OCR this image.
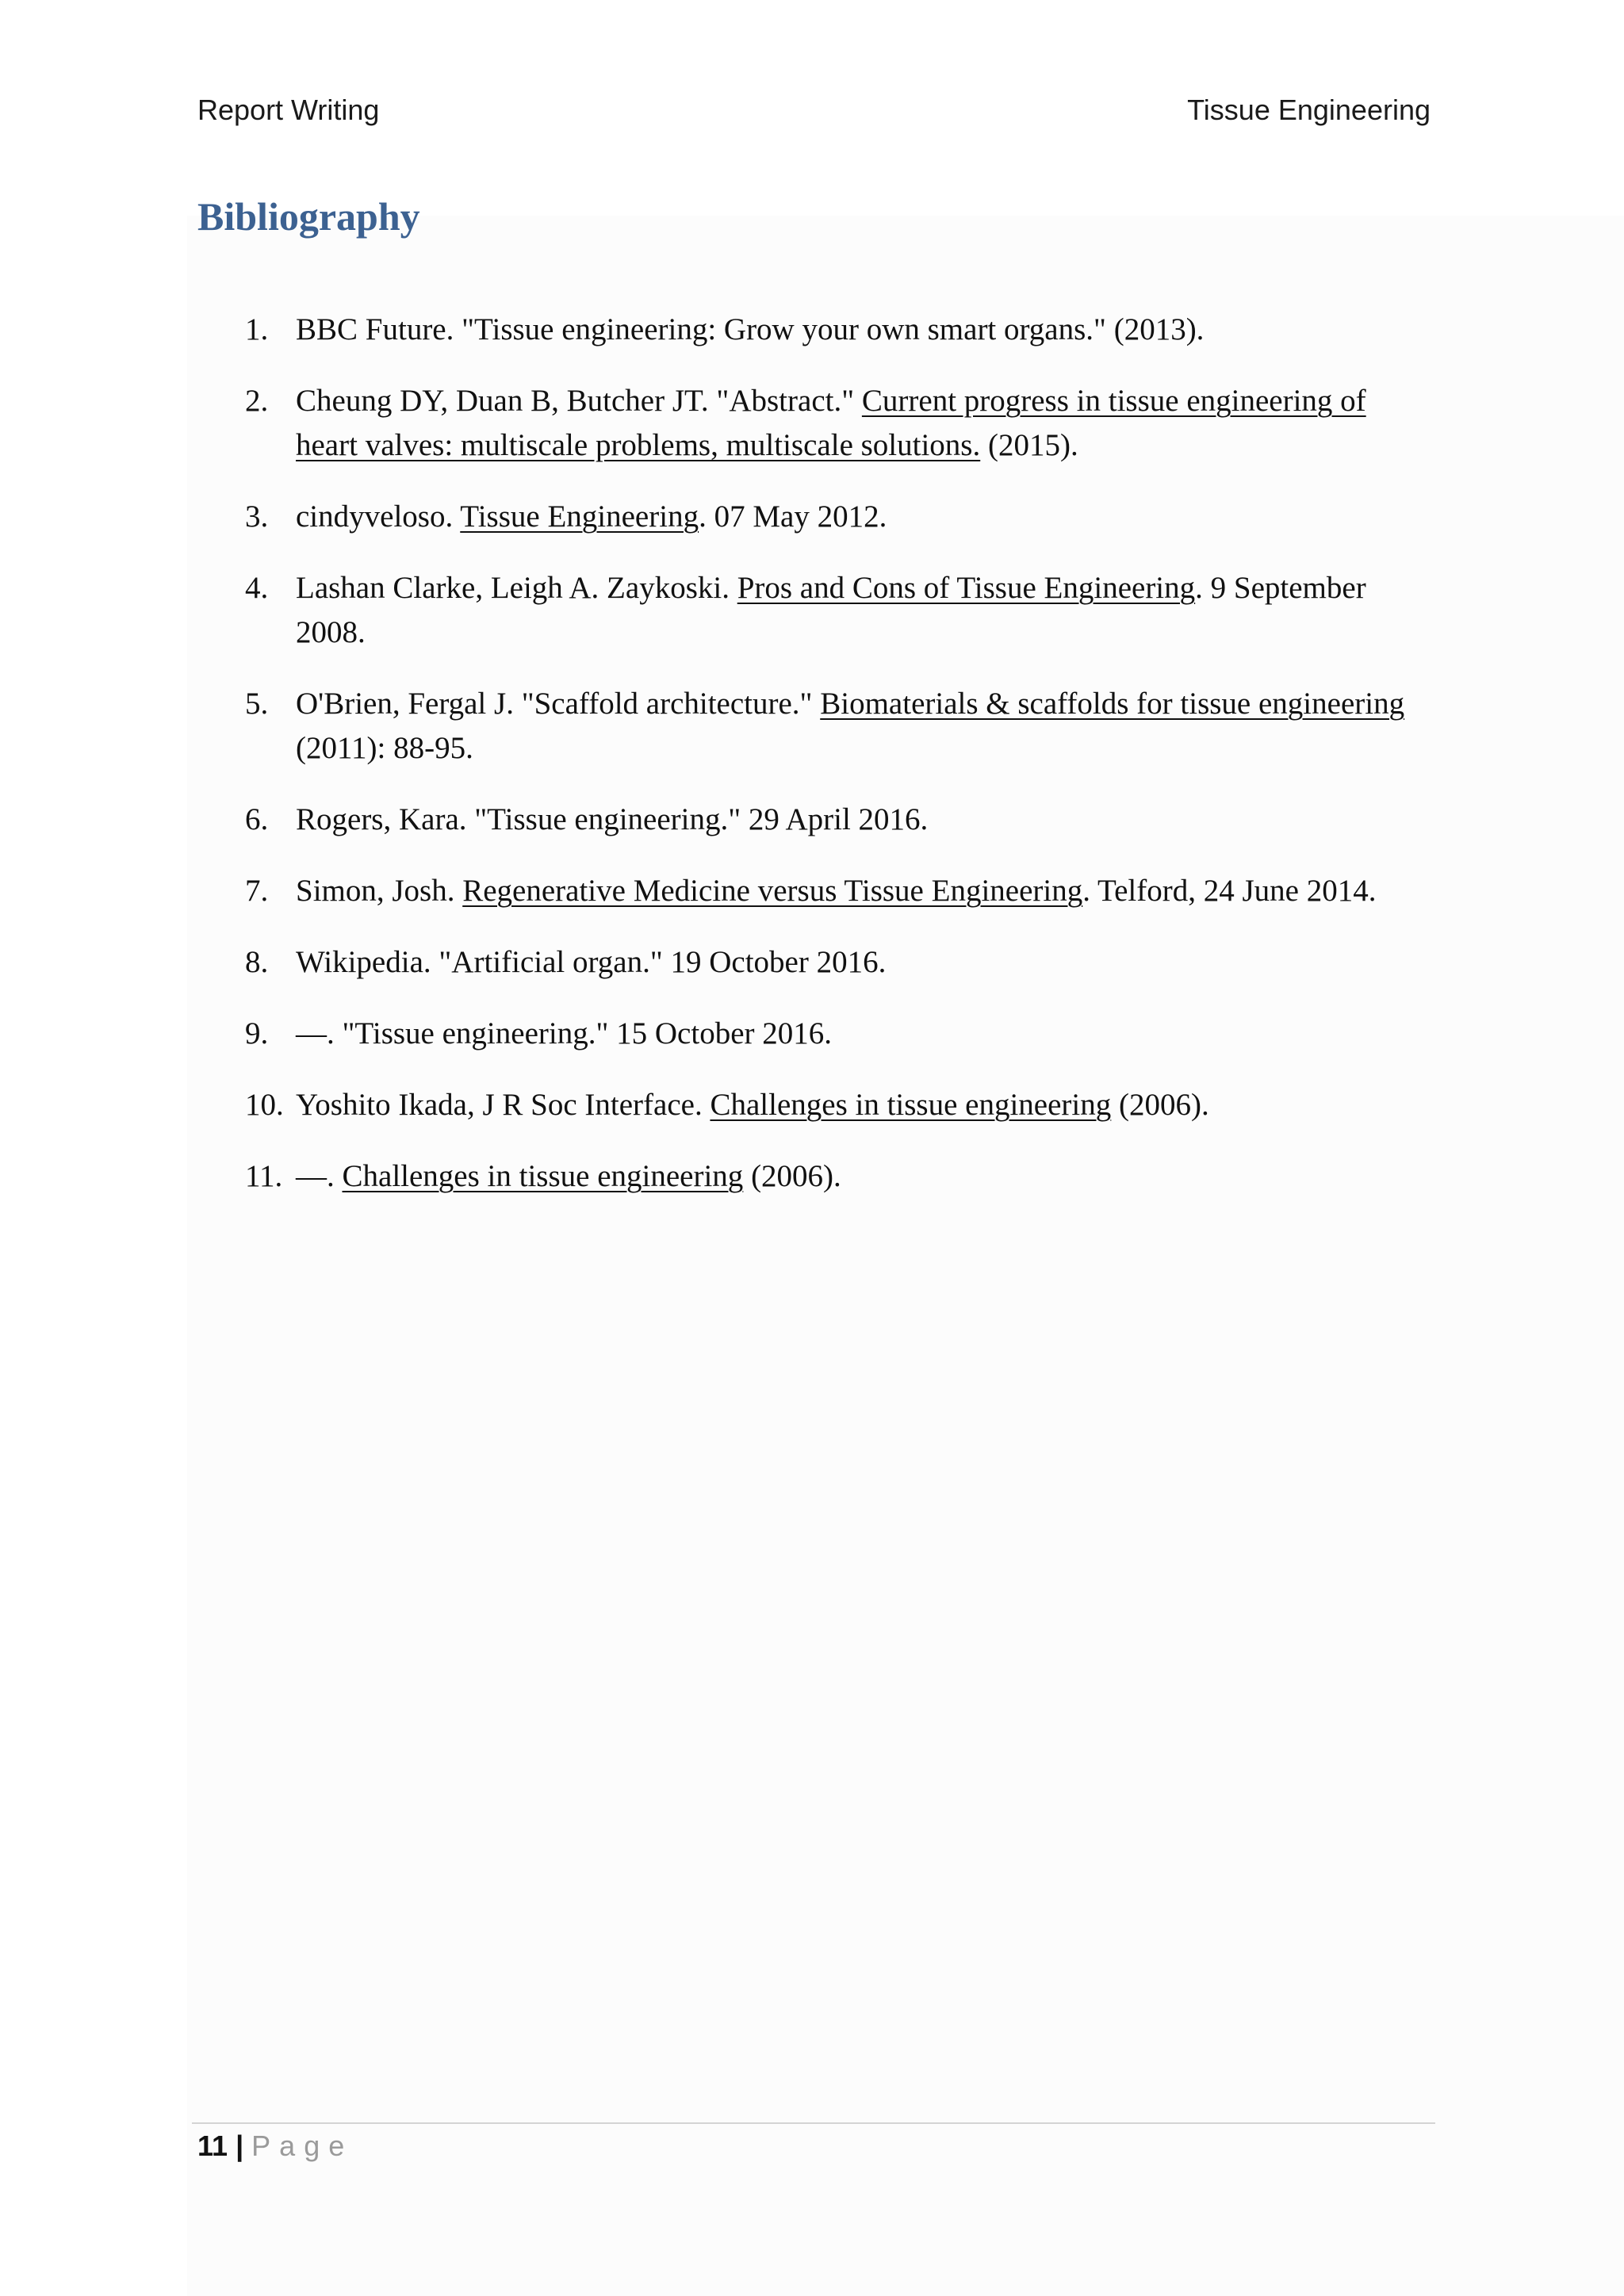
Report Writing	Tissue Engineering
Bibliography
1. BBC Future. "Tissue engineering: Grow your own smart organs." (2013).
2. Cheung DY, Duan B, Butcher JT. "Abstract." Current progress in tissue engineering of heart valves: multiscale problems, multiscale solutions. (2015).
3. cindyveloso. Tissue Engineering. 07 May 2012.
4. Lashan Clarke, Leigh A. Zaykoski. Pros and Cons of Tissue Engineering. 9 September 2008.
5. O'Brien, Fergal J. "Scaffold architecture." Biomaterials & scaffolds for tissue engineering (2011): 88-95.
6. Rogers, Kara. "Tissue engineering." 29 April 2016.
7. Simon, Josh. Regenerative Medicine versus Tissue Engineering. Telford, 24 June 2014.
8. Wikipedia. "Artificial organ." 19 October 2016.
9. —. "Tissue engineering." 15 October 2016.
10. Yoshito Ikada, J R Soc Interface. Challenges in tissue engineering (2006).
11. —. Challenges in tissue engineering (2006).
11 | Page
